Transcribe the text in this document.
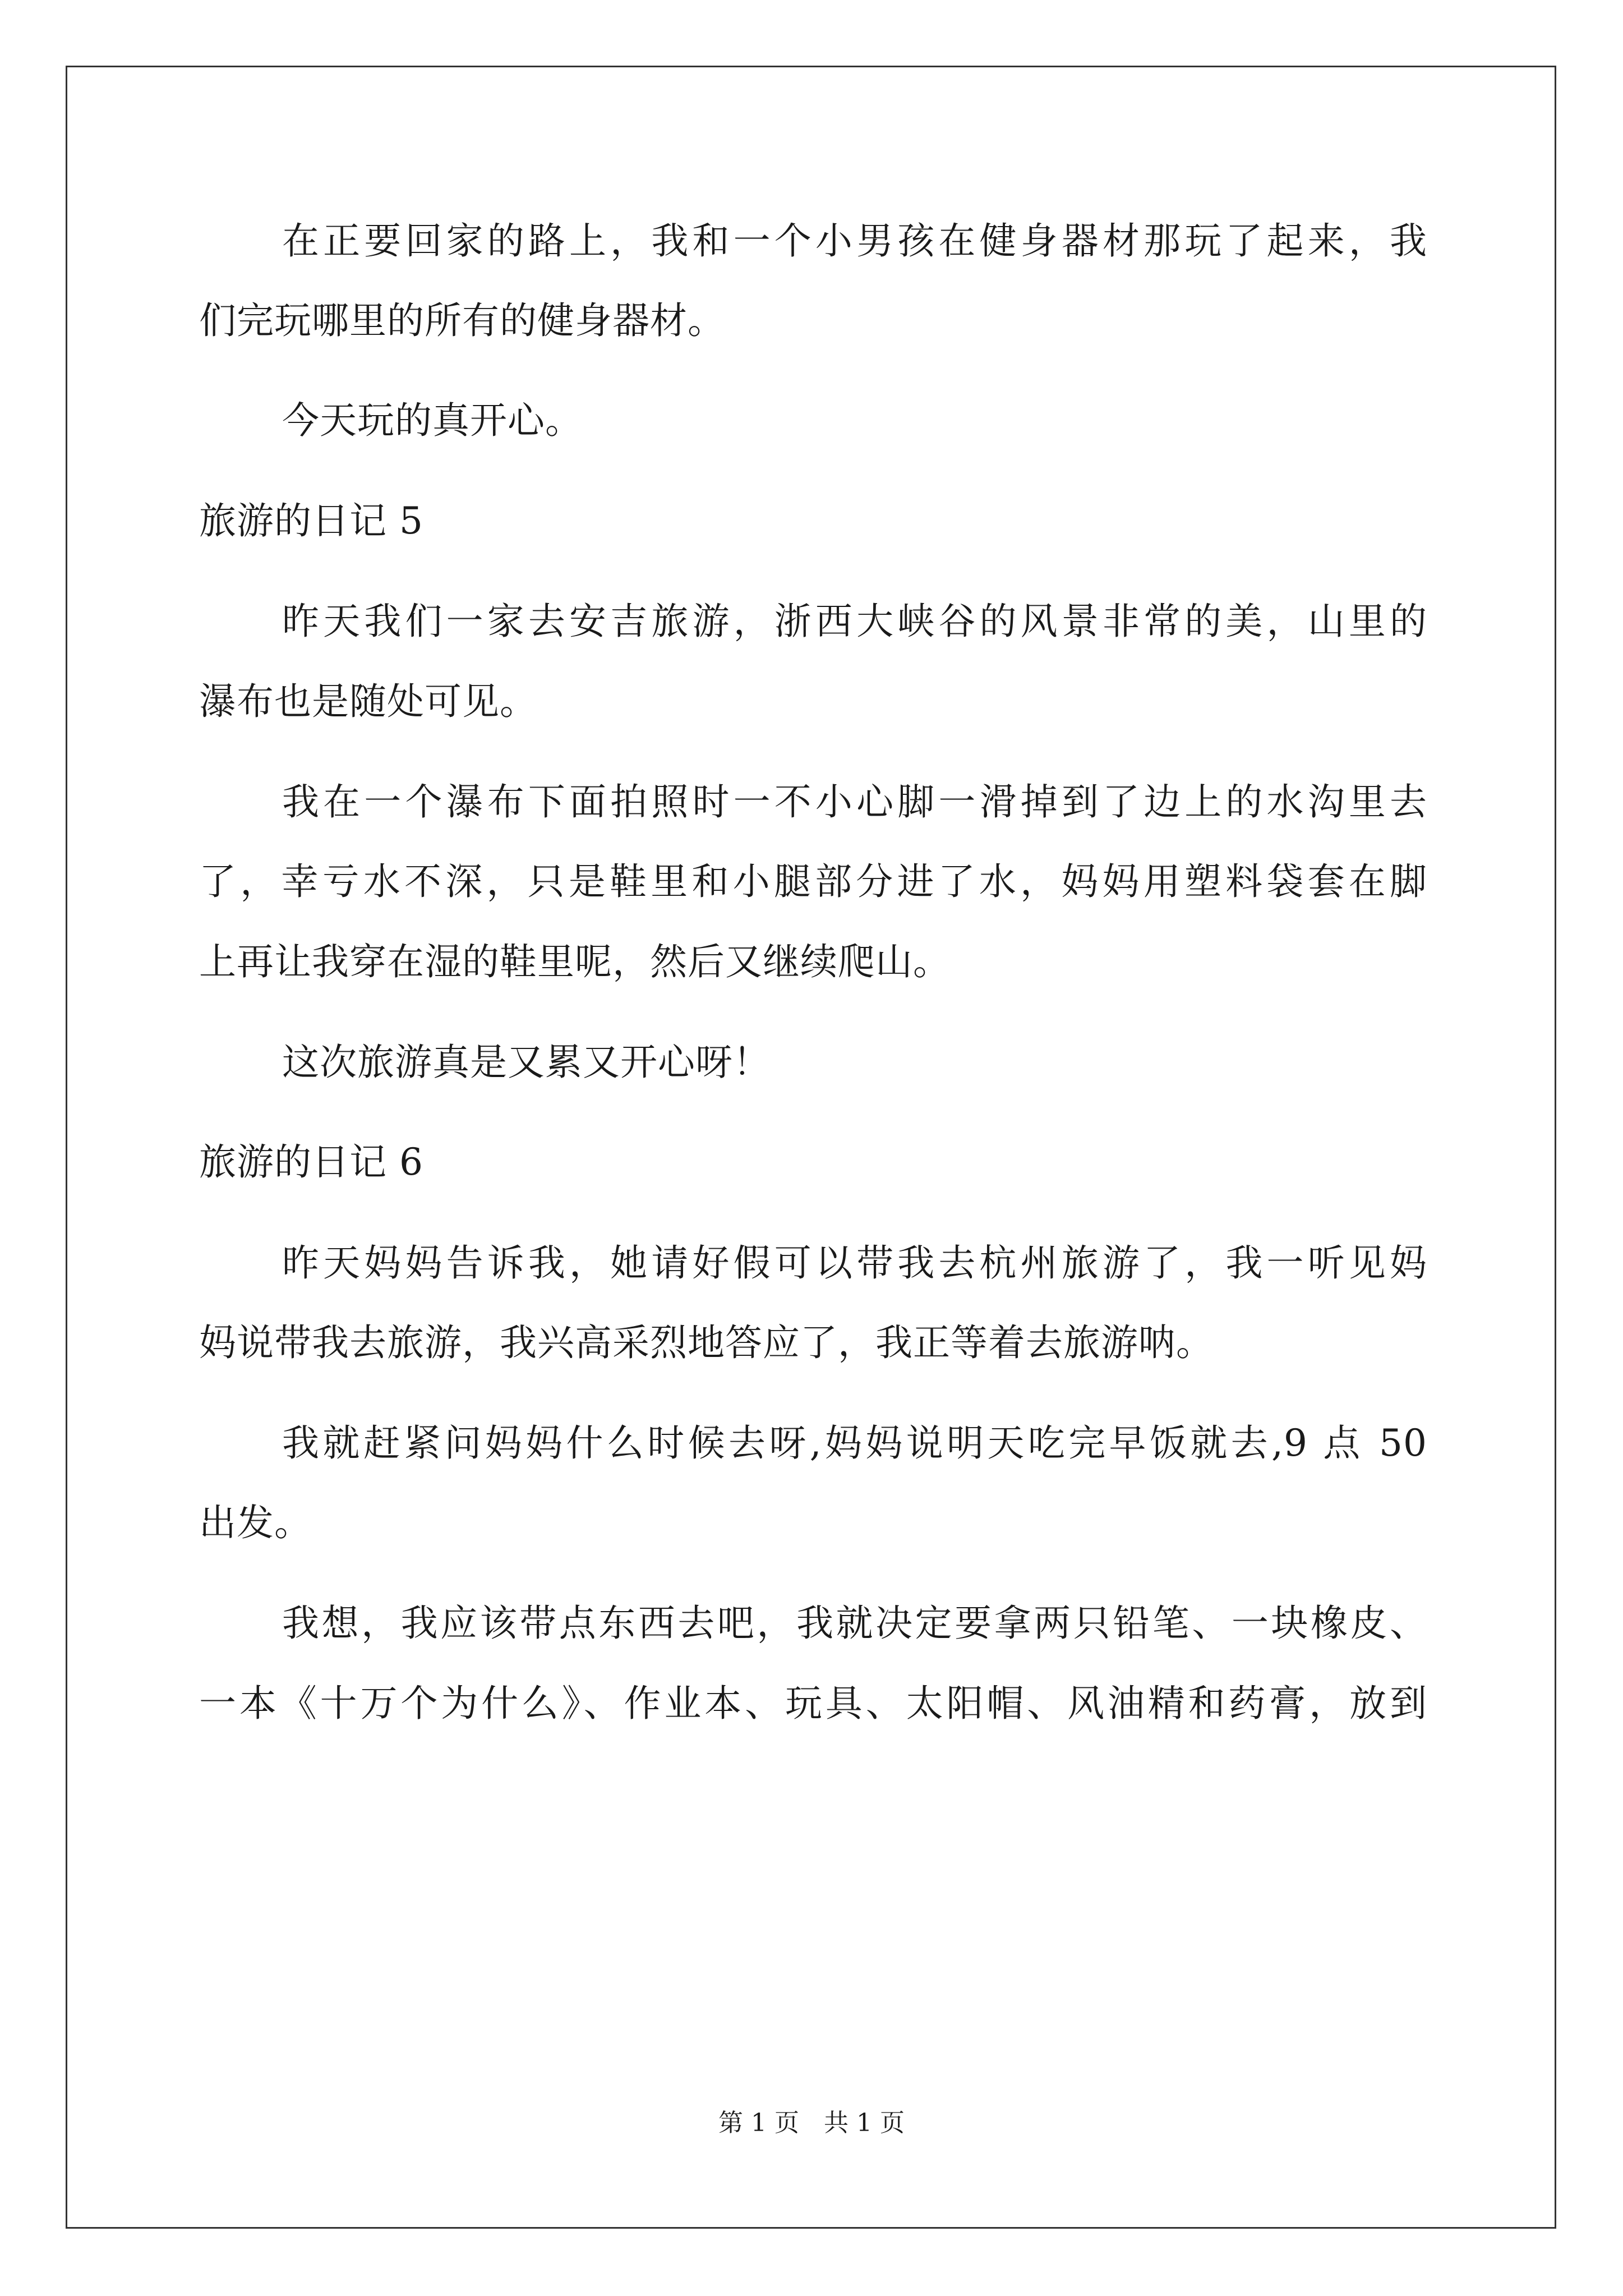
在正要回家的路上，我和一个小男孩在健身器材那玩了起来，我
们完玩哪里的所有的健身器材。
今天玩的真开心。
旅游的日记 5
昨天我们一家去安吉旅游，浙西大峡谷的风景非常的美，山里的
瀑布也是随处可见。
我在一个瀑布下面拍照时一不小心脚一滑掉到了边上的水沟里去
了，幸亏水不深，只是鞋里和小腿部分进了水，妈妈用塑料袋套在脚
上再让我穿在湿的鞋里呢，然后又继续爬山。
这次旅游真是又累又开心呀！
旅游的日记 6
昨天妈妈告诉我，她请好假可以带我去杭州旅游了，我一听见妈
妈说带我去旅游，我兴高采烈地答应了，我正等着去旅游呐。
我就赶紧问妈妈什么时候去呀,妈妈说明天吃完早饭就去,9 点 50
出发。
我想，我应该带点东西去吧，我就决定要拿两只铅笔、一块橡皮、
一本《十万个为什么》、作业本、玩具、太阳帽、风油精和药膏，放到
第 1 页　共 1 页
